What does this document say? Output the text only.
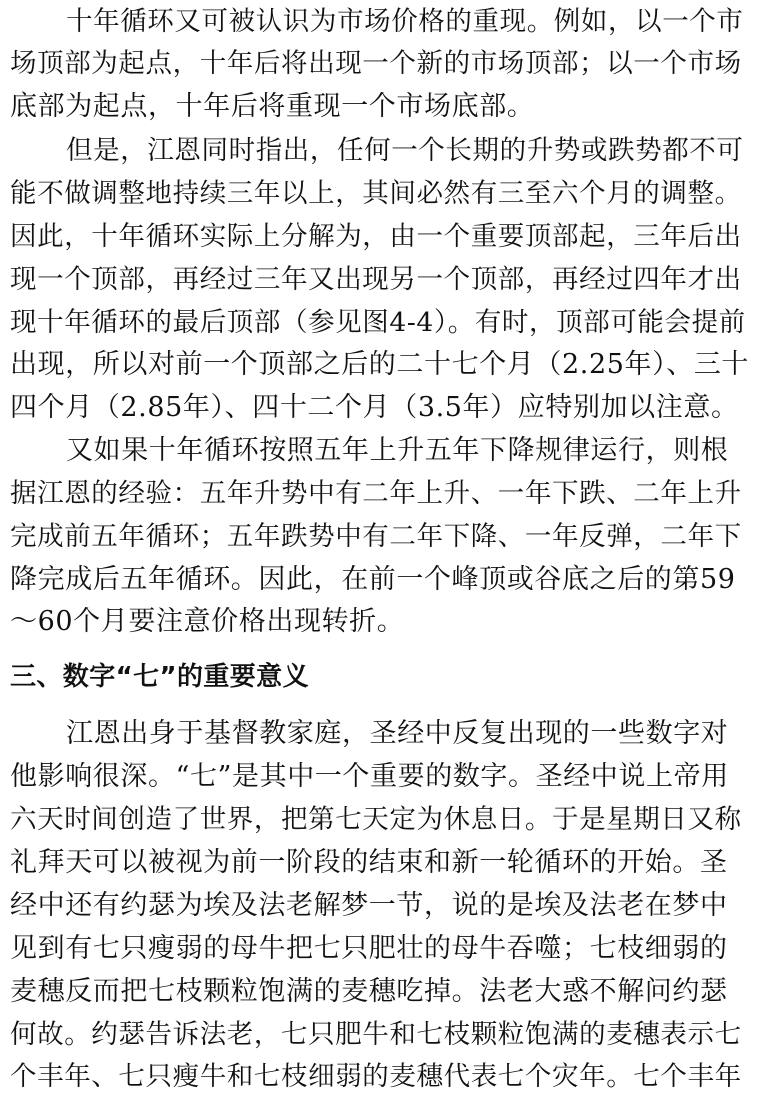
十年循环又可被认识为市场价格的重现。例如，以一个市
场顶部为起点，十年后将出现一个新的市场顶部；以一个市场
底部为起点，十年后将重现一个市场底部。
但是，江恩同时指出，任何一个长期的升势或跌势都不可
能不做调整地持续三年以上，其间必然有三至六个月的调整。
因此，十年循环实际上分解为，由一个重要顶部起，三年后出
现一个顶部，再经过三年又出现另一个顶部，再经过四年才出
现十年循环的最后顶部（参见图4-4）。有时，顶部可能会提前
出现，所以对前一个顶部之后的二十七个月（2.25年）、三十
四个月（2.85年）、四十二个月（3.5年）应特别加以注意。
又如果十年循环按照五年上升五年下降规律运行，则根
据江恩的经验：五年升势中有二年上升、一年下跌、二年上升
完成前五年循环；五年跌势中有二年下降、一年反弹，二年下
降完成后五年循环。因此，在前一个峰顶或谷底之后的第59
～60个月要注意价格出现转折。
三、数字“七”的重要意义
江恩出身于基督教家庭，圣经中反复出现的一些数字对
他影响很深。“七”是其中一个重要的数字。圣经中说上帝用
六天时间创造了世界，把第七天定为休息日。于是星期日又称
礼拜天可以被视为前一阶段的结束和新一轮循环的开始。圣
经中还有约瑟为埃及法老解梦一节，说的是埃及法老在梦中
见到有七只瘦弱的母牛把七只肥壮的母牛吞噬；七枝细弱的
麦穗反而把七枝颗粒饱满的麦穗吃掉。法老大惑不解问约瑟
何故。约瑟告诉法老，七只肥牛和七枝颗粒饱满的麦穗表示七
个丰年、七只瘦牛和七枝细弱的麦穗代表七个灾年。七个丰年
